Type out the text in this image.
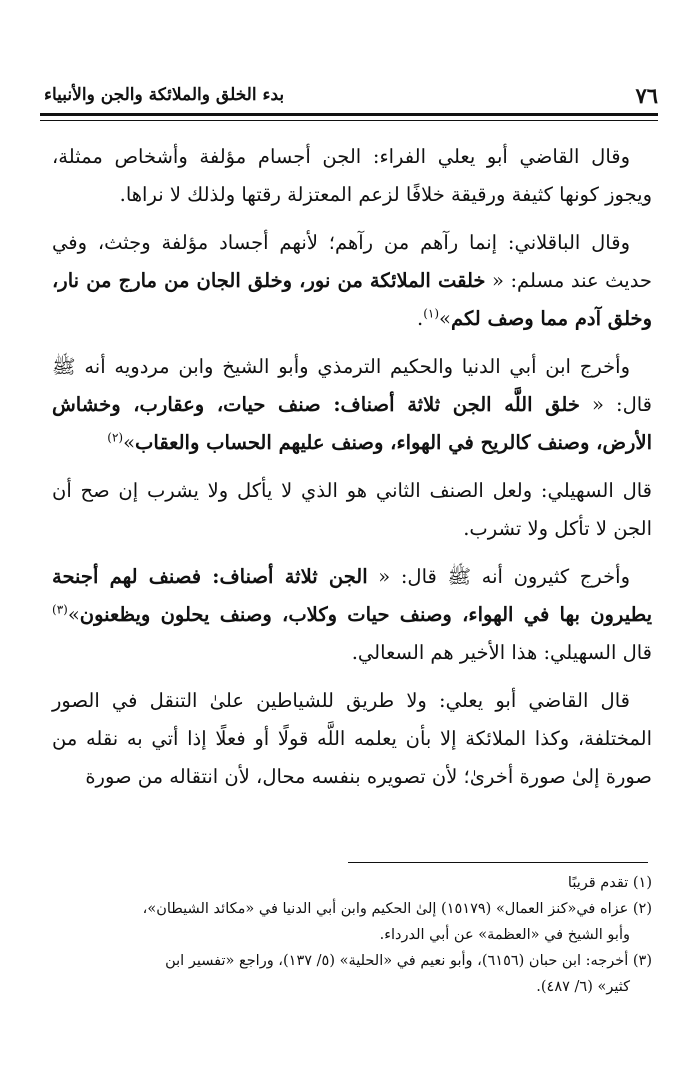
٧٦
بدء الخلق والملائكة والجن والأنبياء

وقال القاضي أبو يعلي الفراء: الجن أجسام مؤلفة وأشخاص ممثلة، ويجوز كونها كثيفة ورقيقة خلافًا لزعم المعتزلة رقتها ولذلك لا نراها.

وقال الباقلاني: إنما رآهم من رآهم؛ لأنهم أجساد مؤلفة وجثث، وفي حديث عند مسلم: « خلقت الملائكة من نور، وخلق الجان من مارج من نار، وخلق آدم مما وصف لكم»$^{(١)}$.

وأخرج ابن أبي الدنيا والحكيم الترمذي وأبو الشيخ وابن مردويه أنه ﷺ قال: « خلق اللَّه الجن ثلاثة أصناف: صنف حيات، وعقارب، وخشاش الأرض، وصنف كالريح في الهواء، وصنف عليهم الحساب والعقاب»$^{(٢)}$

قال السهيلي: ولعل الصنف الثاني هو الذي لا يأكل ولا يشرب إن صح أن الجن لا تأكل ولا تشرب.

وأخرج كثيرون أنه ﷺ قال: « الجن ثلاثة أصناف: فصنف لهم أجنحة يطيرون بها في الهواء، وصنف حيات وكلاب، وصنف يحلون ويظعنون»$^{(٣)}$ قال السهيلي: هذا الأخير هم السعالي.

قال القاضي أبو يعلي: ولا طريق للشياطين علىٰ التنقل في الصور المختلفة، وكذا الملائكة إلا بأن يعلمه اللَّه قولًا أو فعلًا إذا أتي به نقله من صورة إلىٰ صورة أخرىٰ؛ لأن تصويره بنفسه محال، لأن انتقاله من صورة

(١) تقدم قريبًا

(٢) عزاه في«كنز العمال» (١٥١٧٩) إلىٰ الحكيم وابن أبي الدنيا في «مكائد الشيطان»،

وأبو الشيخ في «العظمة» عن أبي الدرداء.

(٣) أخرجه: ابن حبان (٦١٥٦)، وأبو نعيم في «الحلية» (٥/ ١٣٧)، وراجع «تفسير ابن

كثير» (٦/ ٤٨٧).
